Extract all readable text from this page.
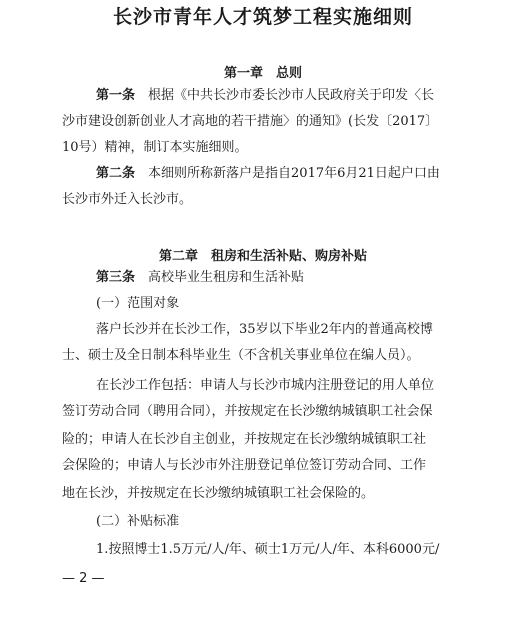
长沙市青年人才筑梦工程实施细则
第一章　总则

第一条　 根据《中共长沙市委长沙市人民政府关于印发〈长

沙市建设创新创业人才高地的若干措施〉的通知》(长发〔2017〕

10号）精神，制订本实施细则。

第二条　 本细则所称新落户是指自2017年6月21日起户口由

长沙市外迁入长沙市。

第二章　租房和生活补贴、购房补贴

第三条　 高校毕业生租房和生活补贴

(一）范围对象

落户长沙并在长沙工作，35岁以下毕业2年内的普通高校博

士、硕士及全日制本科毕业生（不含机关事业单位在编人员）。

在长沙工作包括：申请人与长沙市城内注册登记的用人单位

签订劳动合同（聘用合同），并按规定在长沙缴纳城镇职工社会保

险的；申请人在长沙自主创业，并按规定在长沙缴纳城镇职工社

会保险的；申请人与长沙市外注册登记单位签订劳动合同、工作

地在长沙，并按规定在长沙缴纳城镇职工社会保险的。

(二）补贴标准

1.按照博士1.5万元/人/年、硕士1万元/人/年、本科6000元/

— 2 —
